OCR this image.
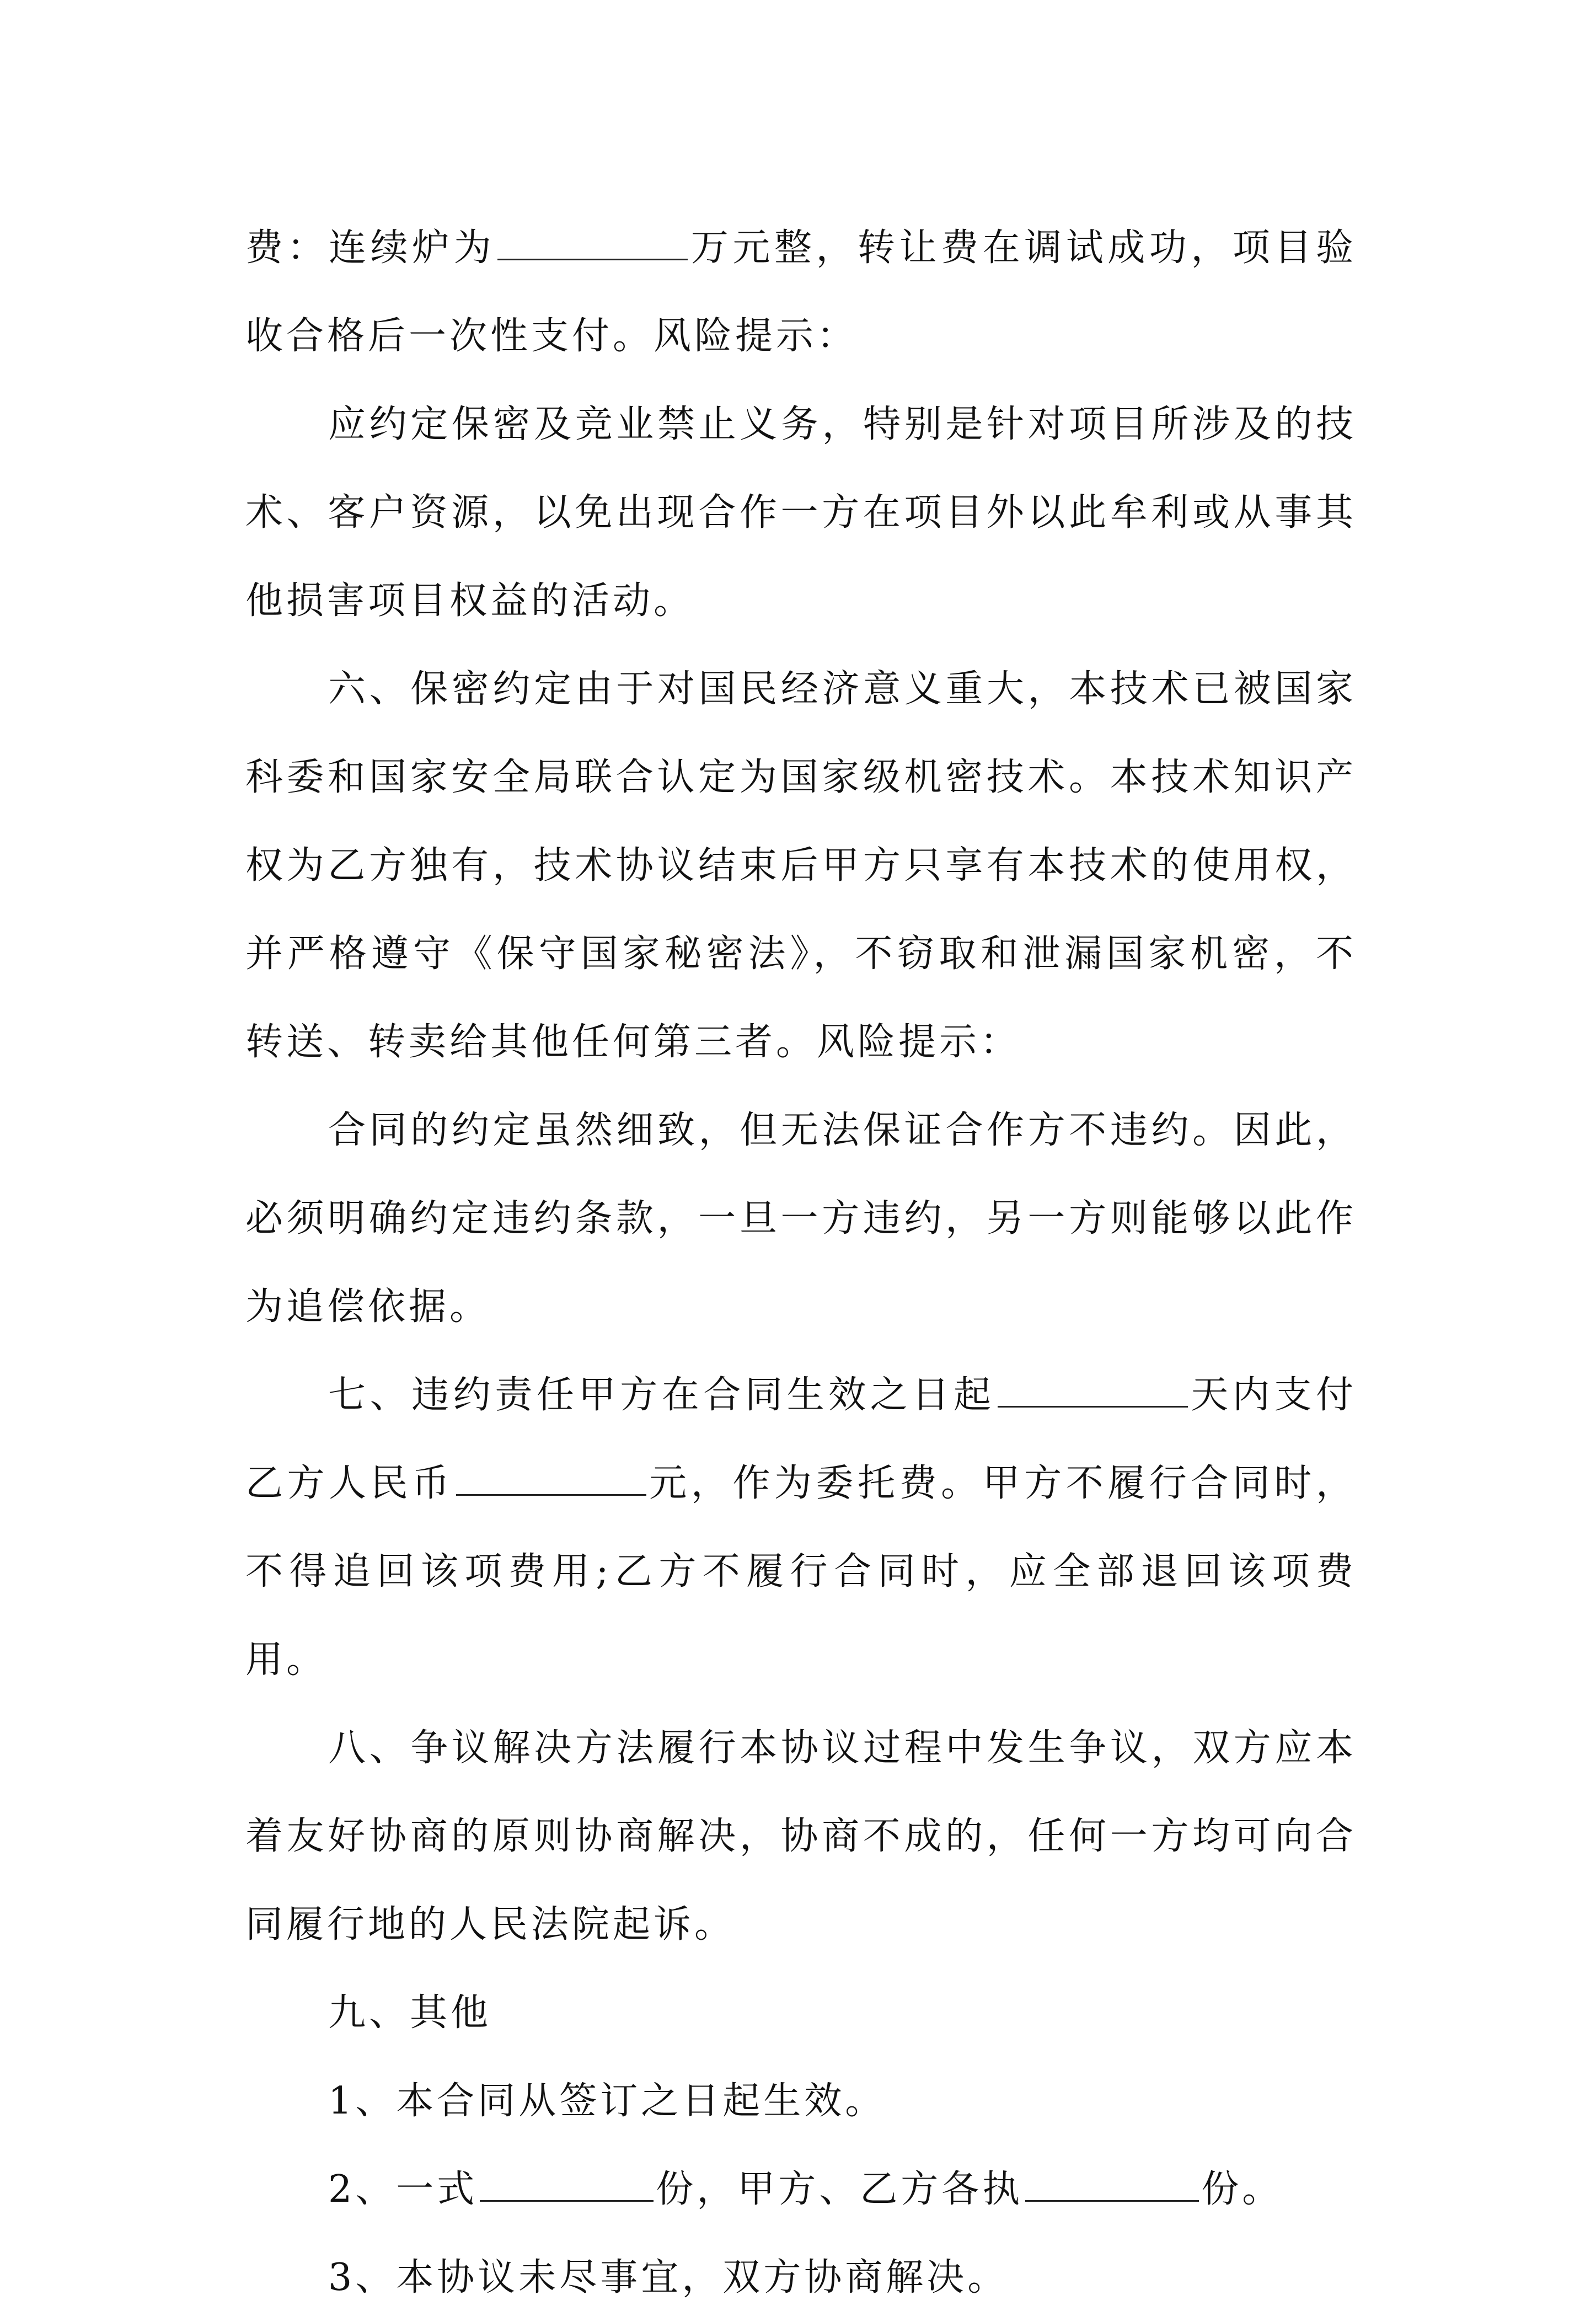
费：连续炉为	万元整，转让费在调试成功，项目验收合格后一次性支付。风险提示：

应约定保密及竞业禁止义务，特别是针对项目所涉及的技术、客户资源，以免出现合作一方在项目外以此牟利或从事其他损害项目权益的活动。

六、保密约定由于对国民经济意义重大，本技术已被国家科委和国家安全局联合认定为国家级机密技术。本技术知识产权为乙方独有，技术协议结束后甲方只享有本技术的使用权，并严格遵守《保守国家秘密法》，不窃取和泄漏国家机密，不转送、转卖给其他任何第三者。风险提示：

合同的约定虽然细致，但无法保证合作方不违约。因此，必须明确约定违约条款，一旦一方违约，另一方则能够以此作为追偿依据。

七、违约责任甲方在合同生效之日起	天内支付乙方人民币	元，作为委托费。甲方不履行合同时，不得追回该项费用;乙方不履行合同时，应全部退回该项费用。

八、争议解决方法履行本协议过程中发生争议，双方应本着友好协商的原则协商解决，协商不成的，任何一方均可向合同履行地的人民法院起诉。

九、其他

1、本合同从签订之日起生效。

2、一式	份，甲方、乙方各执	份。

3、本协议未尽事宜，双方协商解决。
